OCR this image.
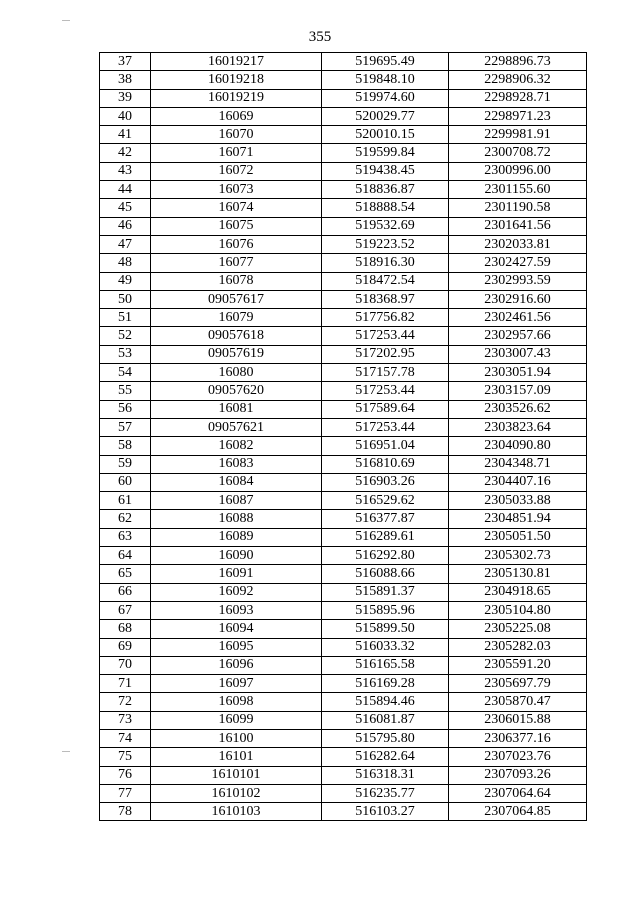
355
37	16019217	519695.49	2298896.73
38	16019218	519848.10	2298906.32
39	16019219	519974.60	2298928.71
40	16069	520029.77	2298971.23
41	16070	520010.15	2299981.91
42	16071	519599.84	2300708.72
43	16072	519438.45	2300996.00
44	16073	518836.87	2301155.60
45	16074	518888.54	2301190.58
46	16075	519532.69	2301641.56
47	16076	519223.52	2302033.81
48	16077	518916.30	2302427.59
49	16078	518472.54	2302993.59
50	09057617	518368.97	2302916.60
51	16079	517756.82	2302461.56
52	09057618	517253.44	2302957.66
53	09057619	517202.95	2303007.43
54	16080	517157.78	2303051.94
55	09057620	517253.44	2303157.09
56	16081	517589.64	2303526.62
57	09057621	517253.44	2303823.64
58	16082	516951.04	2304090.80
59	16083	516810.69	2304348.71
60	16084	516903.26	2304407.16
61	16087	516529.62	2305033.88
62	16088	516377.87	2304851.94
63	16089	516289.61	2305051.50
64	16090	516292.80	2305302.73
65	16091	516088.66	2305130.81
66	16092	515891.37	2304918.65
67	16093	515895.96	2305104.80
68	16094	515899.50	2305225.08
69	16095	516033.32	2305282.03
70	16096	516165.58	2305591.20
71	16097	516169.28	2305697.79
72	16098	515894.46	2305870.47
73	16099	516081.87	2306015.88
74	16100	515795.80	2306377.16
75	16101	516282.64	2307023.76
76	1610101	516318.31	2307093.26
77	1610102	516235.77	2307064.64
78	1610103	516103.27	2307064.85
